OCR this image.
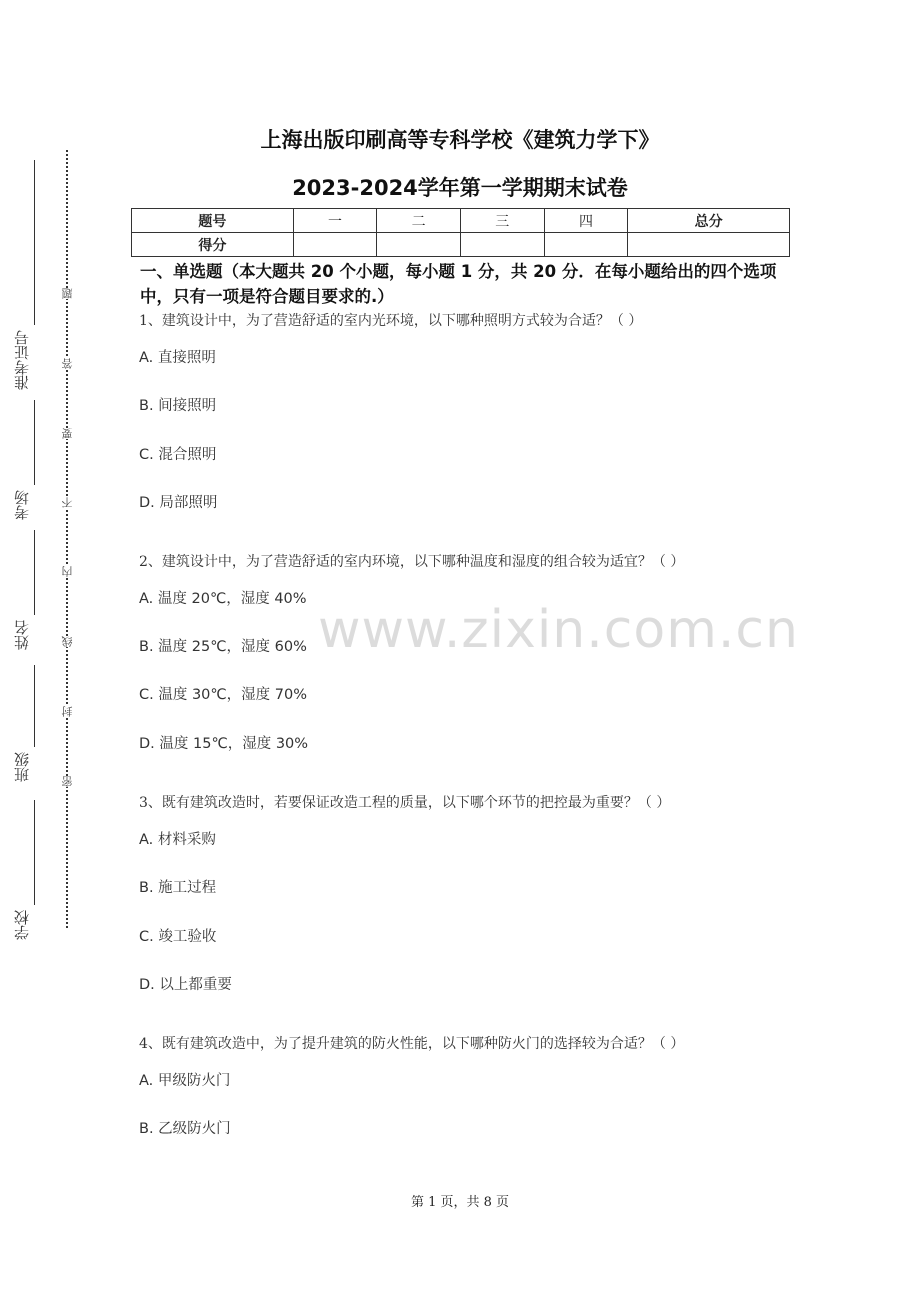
上海出版印刷高等专科学校《建筑力学下》
2023-2024学年第一学期期末试卷
题号	一	二	三	四	总分
得分					
一、单选题（本大题共 20 个小题，每小题 1 分，共 20 分．在每小题给出的四个选项中，只有一项是符合题目要求的.）
1、建筑设计中，为了营造舒适的室内光环境，以下哪种照明方式较为合适？（ ）
A. 直接照明
B. 间接照明
C. 混合照明
D. 局部照明
2、建筑设计中，为了营造舒适的室内环境，以下哪种温度和湿度的组合较为适宜？（ ）
A. 温度 20℃，湿度 40%
B. 温度 25℃，湿度 60%
C. 温度 30℃，湿度 70%
D. 温度 15℃，湿度 30%
3、既有建筑改造时，若要保证改造工程的质量，以下哪个环节的把控最为重要？（ ）
A. 材料采购
B. 施工过程
C. 竣工验收
D. 以上都重要
4、既有建筑改造中，为了提升建筑的防火性能，以下哪种防火门的选择较为合适？（ ）
A. 甲级防火门
B. 乙级防火门
准考证号
考场
姓名
班级
学校
题
答
要
不
内
线
封
密
www.zixin.com.cn
第 1 页，共 8 页
